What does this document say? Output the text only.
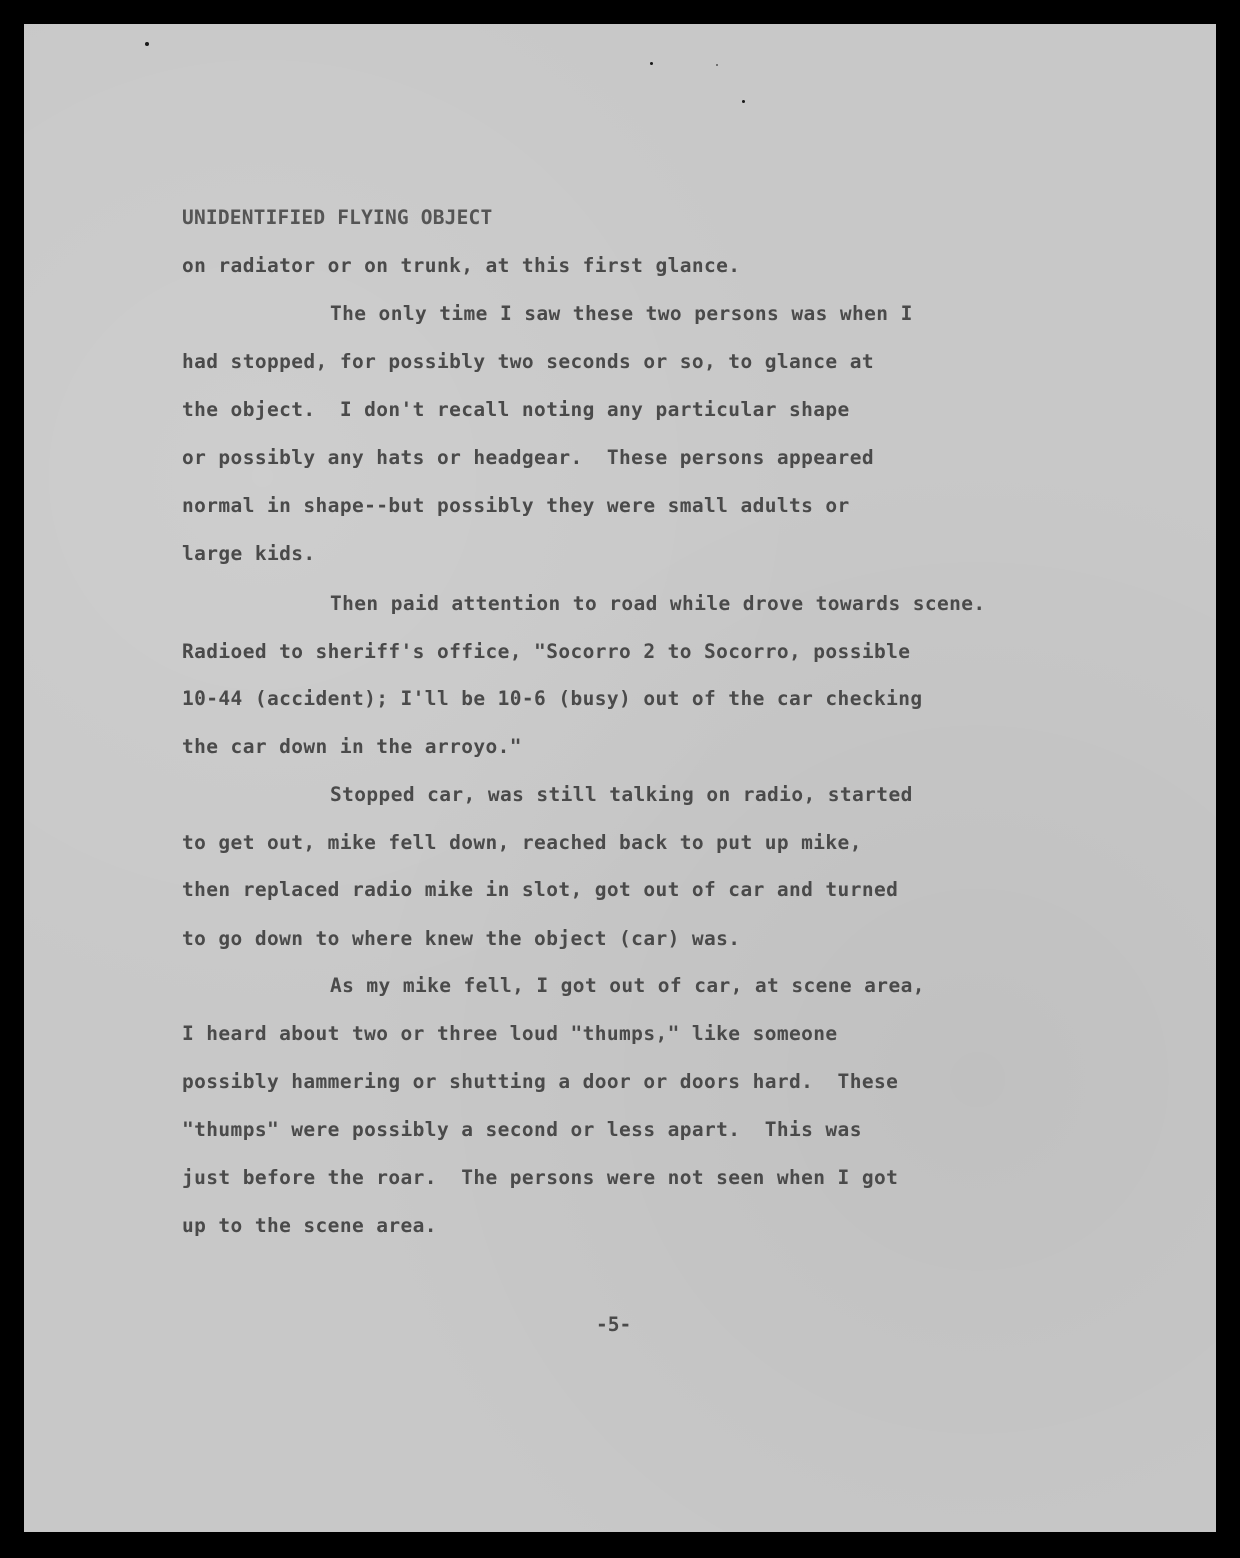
UNIDENTIFIED FLYING OBJECT
on radiator or on trunk, at this first glance.
The only time I saw these two persons was when I
had stopped, for possibly two seconds or so, to glance at
the object.  I don't recall noting any particular shape
or possibly any hats or headgear.  These persons appeared
normal in shape--but possibly they were small adults or
large kids.
Then paid attention to road while drove towards scene.
Radioed to sheriff's office, "Socorro 2 to Socorro, possible
10-44 (accident); I'll be 10-6 (busy) out of the car checking
the car down in the arroyo."
Stopped car, was still talking on radio, started
to get out, mike fell down, reached back to put up mike,
then replaced radio mike in slot, got out of car and turned
to go down to where knew the object (car) was.
As my mike fell, I got out of car, at scene area,
I heard about two or three loud "thumps," like someone
possibly hammering or shutting a door or doors hard.  These
"thumps" were possibly a second or less apart.  This was
just before the roar.  The persons were not seen when I got
up to the scene area.
-5-
